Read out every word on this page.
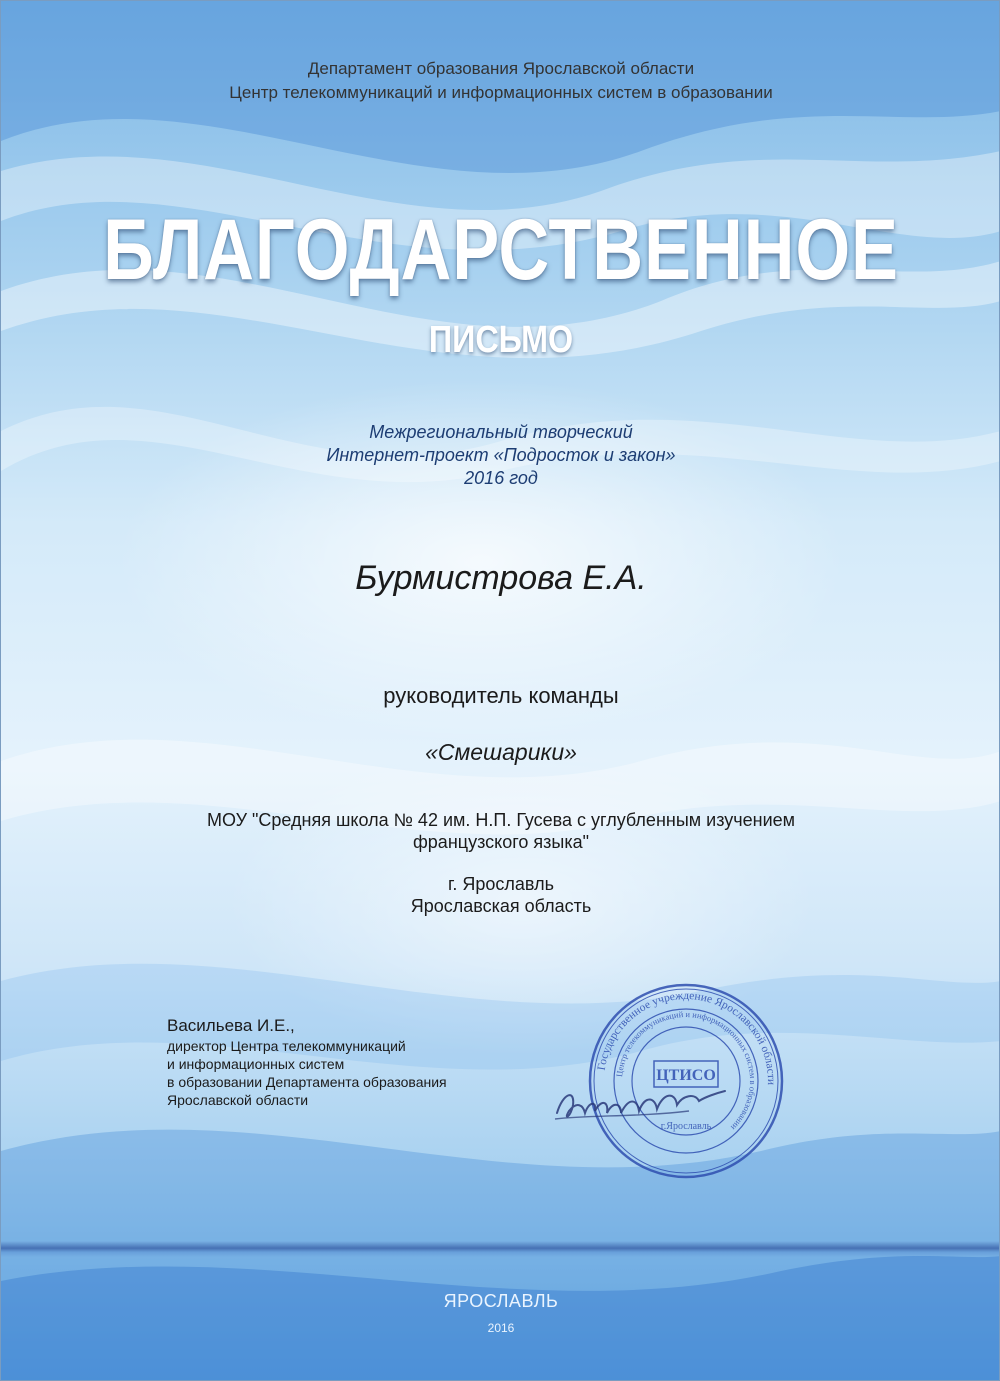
Департамент образования Ярославской области
Центр телекоммуникаций и информационных систем в образовании
БЛАГОДАРСТВЕННОЕ
ПИСЬМО
Межрегиональный творческий
Интернет-проект «Подросток и закон»
2016 год
Бурмистрова Е.А.
руководитель команды
«Смешарики»
МОУ "Средняя школа № 42 им. Н.П. Гусева с углубленным изучением
французского языка"
г. Ярославль
Ярославская область
Васильева И.Е.,
директор Центра телекоммуникаций
и информационных систем
в образовании Департамента образования
Ярославской области
Государственное учреждение Ярославской области
Центр телекоммуникаций и информационных систем в образовании
ЦТИСО
г.Ярославль
ЯРОСЛАВЛЬ
2016
